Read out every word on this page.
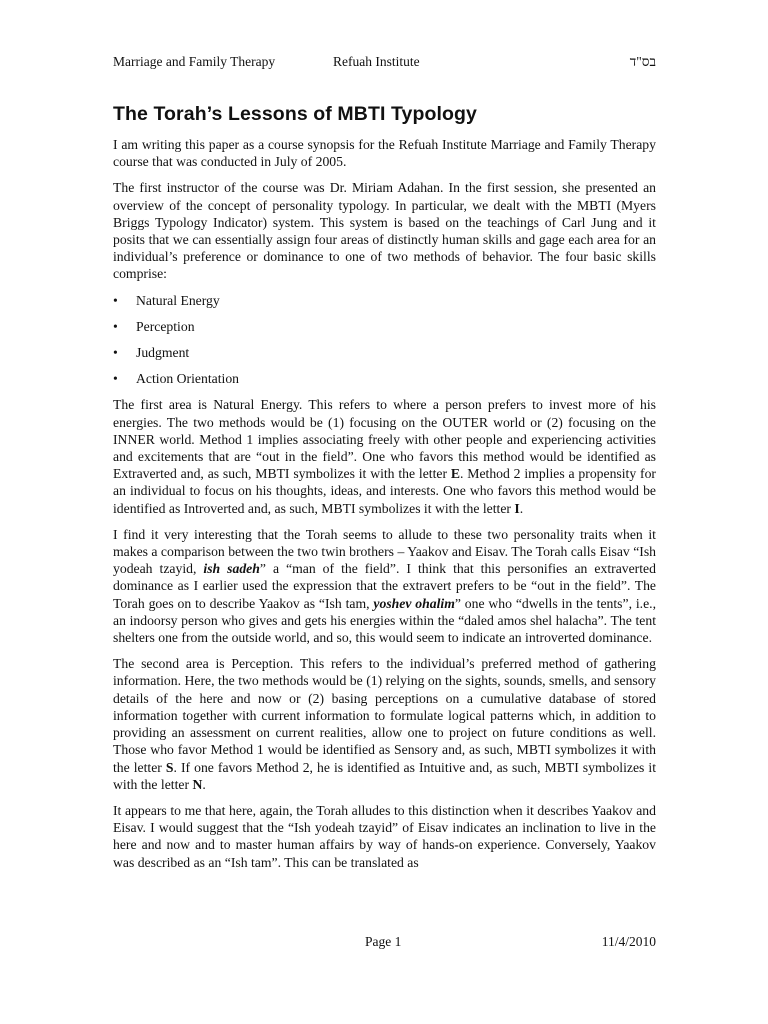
Marriage and Family Therapy	Refuah Institute	בס"ד
The Torah’s Lessons of MBTI Typology

I am writing this paper as a course synopsis for the Refuah Institute Marriage and Family Therapy course that was conducted in July of 2005.

The first instructor of the course was Dr. Miriam Adahan. In the first session, she presented an overview of the concept of personality typology. In particular, we dealt with the MBTI (Myers Briggs Typology Indicator) system. This system is based on the teachings of Carl Jung and it posits that we can essentially assign four areas of distinctly human skills and gage each area for an individual’s preference or dominance to one of two methods of behavior. The four basic skills comprise:

• Natural Energy
• Perception
• Judgment
• Action Orientation

The first area is Natural Energy. This refers to where a person prefers to invest more of his energies. The two methods would be (1) focusing on the OUTER world or (2) focusing on the INNER world. Method 1 implies associating freely with other people and experiencing activities and excitements that are “out in the field”. One who favors this method would be identified as Extraverted and, as such, MBTI symbolizes it with the letter E. Method 2 implies a propensity for an individual to focus on his thoughts, ideas, and interests. One who favors this method would be identified as Introverted and, as such, MBTI symbolizes it with the letter I.

I find it very interesting that the Torah seems to allude to these two personality traits when it makes a comparison between the two twin brothers – Yaakov and Eisav. The Torah calls Eisav “Ish yodeah tzayid, ish sadeh” a “man of the field”. I think that this personifies an extraverted dominance as I earlier used the expression that the extravert prefers to be “out in the field”. The Torah goes on to describe Yaakov as “Ish tam, yoshev ohalim” one who “dwells in the tents”, i.e., an indoorsy person who gives and gets his energies within the “daled amos shel halacha”. The tent shelters one from the outside world, and so, this would seem to indicate an introverted dominance.

The second area is Perception. This refers to the individual’s preferred method of gathering information. Here, the two methods would be (1) relying on the sights, sounds, smells, and sensory details of the here and now or (2) basing perceptions on a cumulative database of stored information together with current information to formulate logical patterns which, in addition to providing an assessment on current realities, allow one to project on future conditions as well. Those who favor Method 1 would be identified as Sensory and, as such, MBTI symbolizes it with the letter S. If one favors Method 2, he is identified as Intuitive and, as such, MBTI symbolizes it with the letter N.

It appears to me that here, again, the Torah alludes to this distinction when it describes Yaakov and Eisav. I would suggest that the “Ish yodeah tzayid” of Eisav indicates an inclination to live in the here and now and to master human affairs by way of hands-on experience. Conversely, Yaakov was described as an “Ish tam”. This can be translated as

Page 1	11/4/2010
